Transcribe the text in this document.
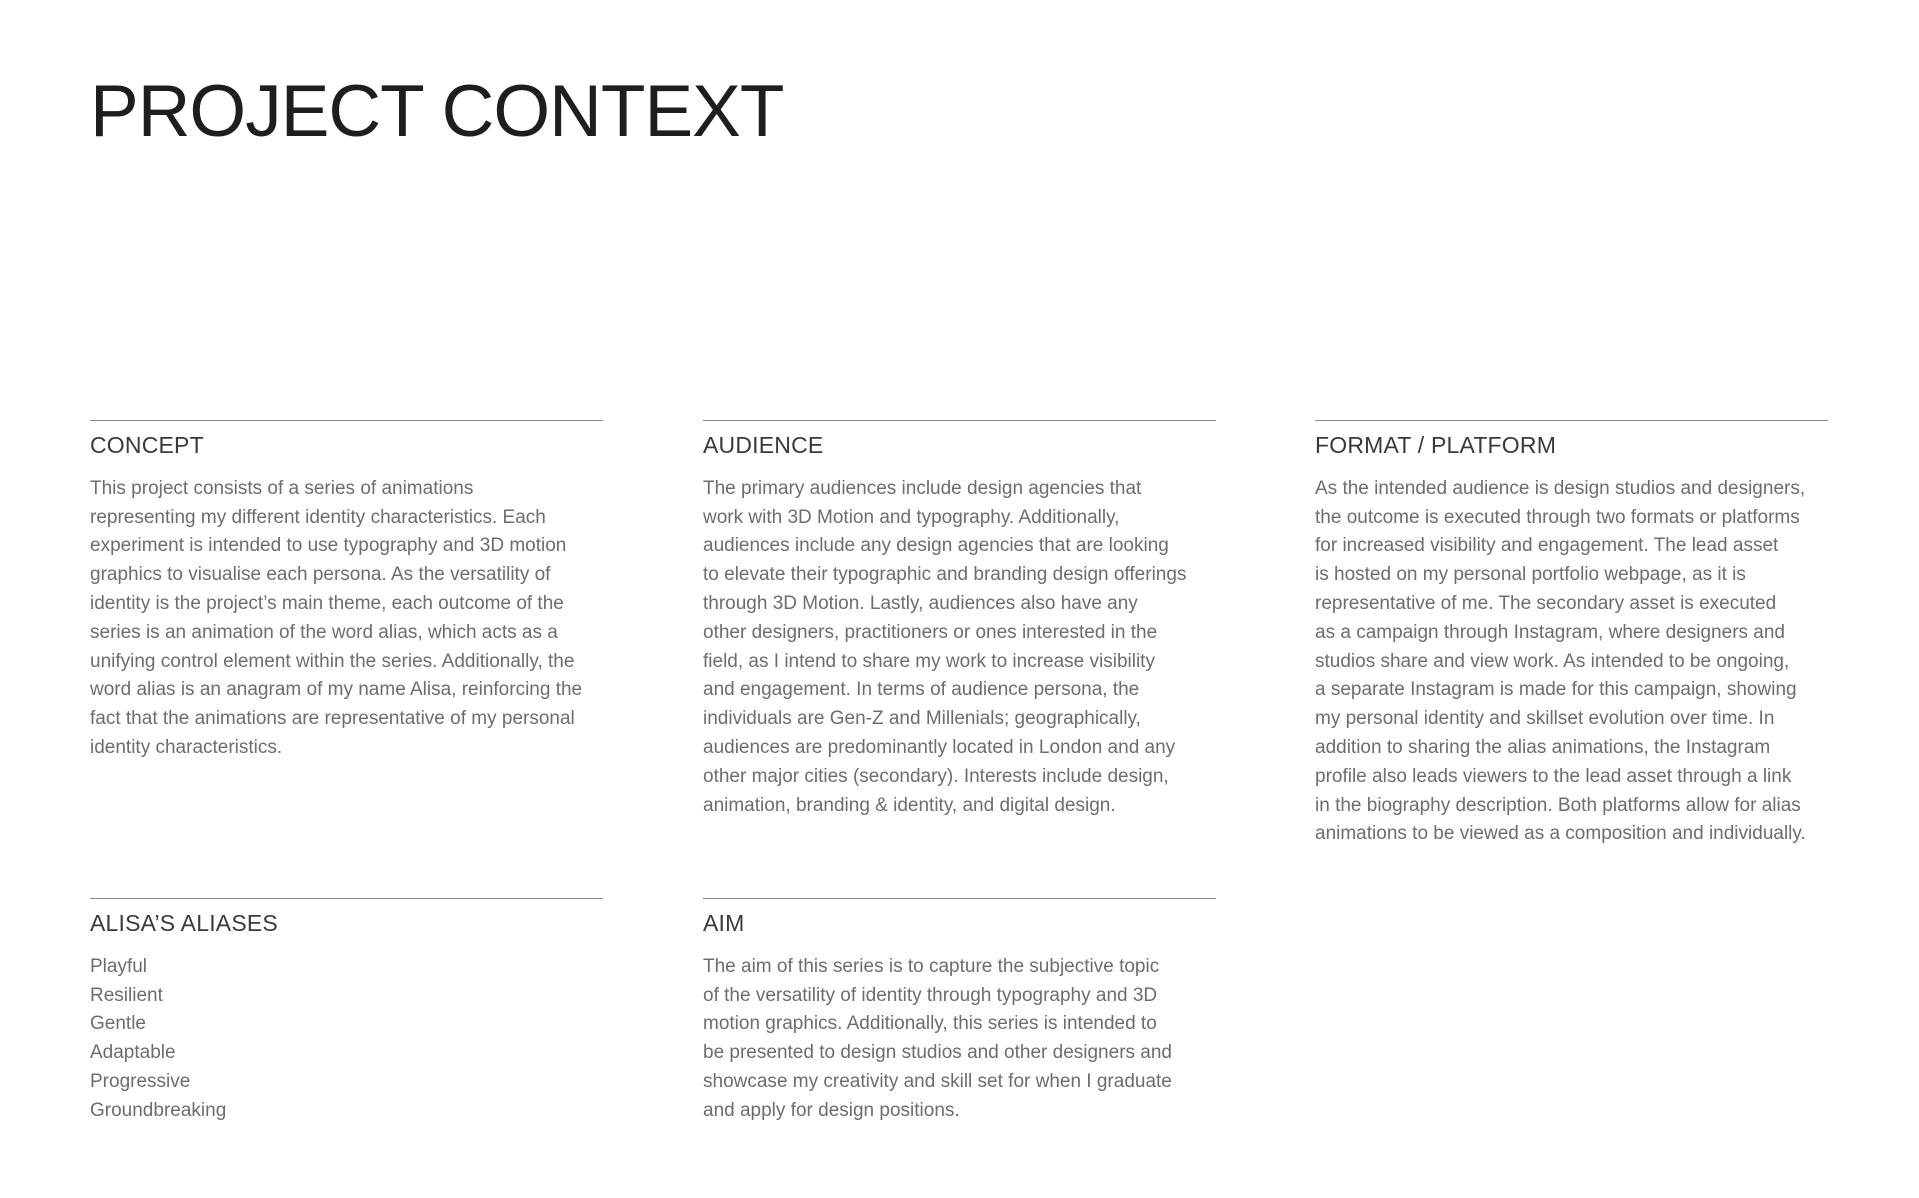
PROJECT CONTEXT
CONCEPT

This project consists of a series of animations
representing my different identity characteristics. Each
experiment is intended to use typography and 3D motion
graphics to visualise each persona. As the versatility of
identity is the project’s main theme, each outcome of the
series is an animation of the word alias, which acts as a
unifying control element within the series. Additionally, the
word alias is an anagram of my name Alisa, reinforcing the
fact that the animations are representative of my personal
identity characteristics.

AUDIENCE

The primary audiences include design agencies that
work with 3D Motion and typography. Additionally,
audiences include any design agencies that are looking
to elevate their typographic and branding design offerings
through 3D Motion. Lastly, audiences also have any
other designers, practitioners or ones interested in the
field, as I intend to share my work to increase visibility
and engagement. In terms of audience persona, the
individuals are Gen-Z and Millenials; geographically,
audiences are predominantly located in London and any
other major cities (secondary). Interests include design,
animation, branding & identity, and digital design.

FORMAT / PLATFORM

As the intended audience is design studios and designers,
the outcome is executed through two formats or platforms
for increased visibility and engagement. The lead asset
is hosted on my personal portfolio webpage, as it is
representative of me. The secondary asset is executed
as a campaign through Instagram, where designers and
studios share and view work. As intended to be ongoing,
a separate Instagram is made for this campaign, showing
my personal identity and skillset evolution over time. In
addition to sharing the alias animations, the Instagram
profile also leads viewers to the lead asset through a link
in the biography description. Both platforms allow for alias
animations to be viewed as a composition and individually.

ALISA’S ALIASES
Playful
Resilient
Gentle
Adaptable
Progressive
Groundbreaking
AIM

The aim of this series is to capture the subjective topic
of the versatility of identity through typography and 3D
motion graphics. Additionally, this series is intended to
be presented to design studios and other designers and
showcase my creativity and skill set for when I graduate
and apply for design positions.
